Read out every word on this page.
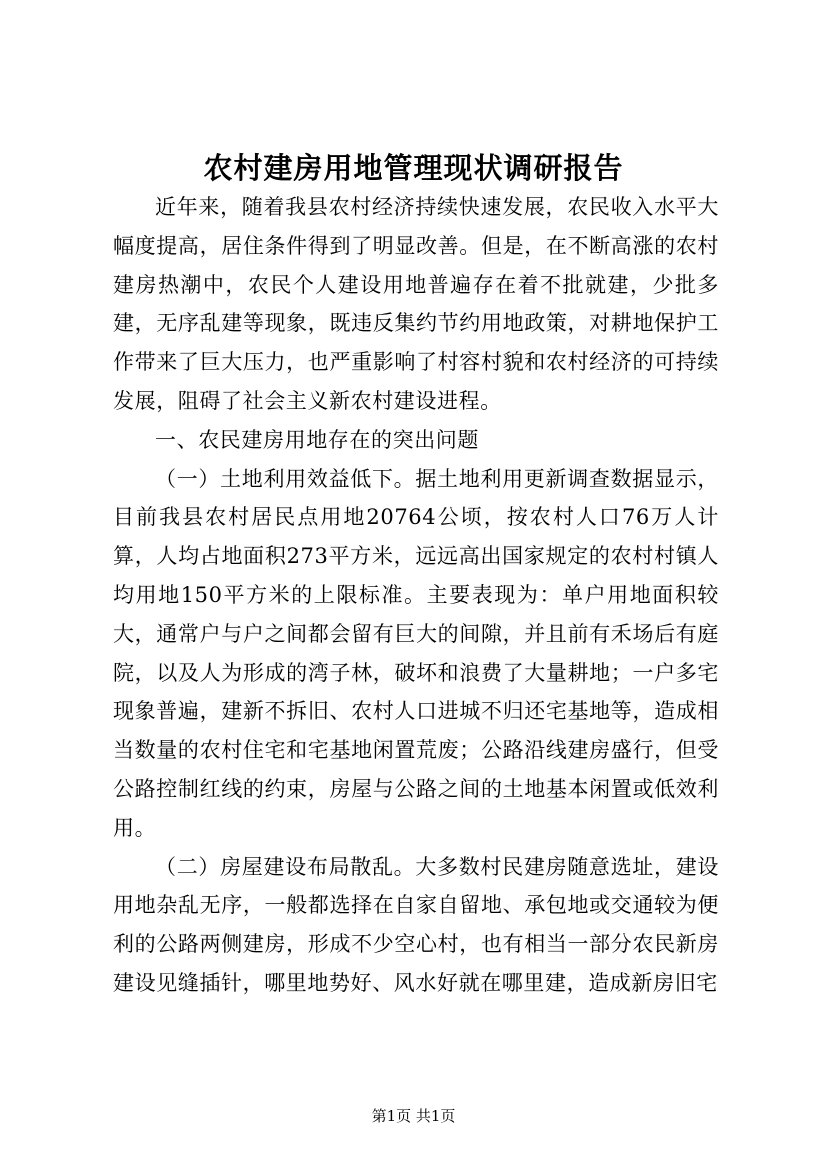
农村建房用地管理现状调研报告

近年来，随着我县农村经济持续快速发展，农民收入水平大幅度提高，居住条件得到了明显改善。但是，在不断高涨的农村建房热潮中，农民个人建设用地普遍存在着不批就建，少批多建，无序乱建等现象，既违反集约节约用地政策，对耕地保护工作带来了巨大压力，也严重影响了村容村貌和农村经济的可持续发展，阻碍了社会主义新农村建设进程。

一、农民建房用地存在的突出问题

（一）土地利用效益低下。据土地利用更新调查数据显示，目前我县农村居民点用地20764公顷，按农村人口76万人计算，人均占地面积273平方米，远远高出国家规定的农村村镇人均用地150平方米的上限标准。主要表现为：单户用地面积较大，通常户与户之间都会留有巨大的间隙，并且前有禾场后有庭院，以及人为形成的湾子林，破坏和浪费了大量耕地；一户多宅现象普遍，建新不拆旧、农村人口进城不归还宅基地等，造成相当数量的农村住宅和宅基地闲置荒废；公路沿线建房盛行，但受公路控制红线的约束，房屋与公路之间的土地基本闲置或低效利用。

（二）房屋建设布局散乱。大多数村民建房随意选址，建设用地杂乱无序，一般都选择在自家自留地、承包地或交通较为便利的公路两侧建房，形成不少空心村，也有相当一部分农民新房建设见缝插针，哪里地势好、风水好就在哪里建，造成新房旧宅

第1页 共1页
